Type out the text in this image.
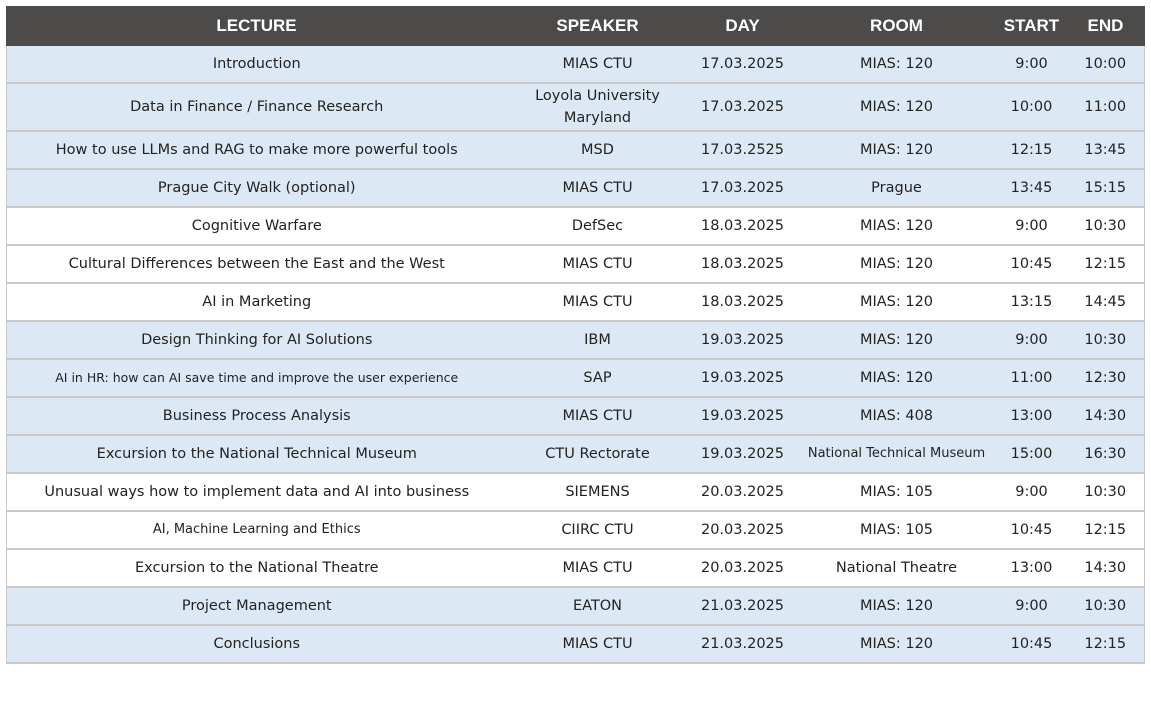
LECTURE	SPEAKER	DAY	ROOM	START	END
Introduction	MIAS CTU	17.03.2025	MIAS: 120	9:00	10:00
Data in Finance / Finance Research	Loyola University Maryland	17.03.2025	MIAS: 120	10:00	11:00
How to use LLMs and RAG to make more powerful tools	MSD	17.03.2525	MIAS: 120	12:15	13:45
Prague City Walk (optional)	MIAS CTU	17.03.2025	Prague	13:45	15:15
Cognitive Warfare	DefSec	18.03.2025	MIAS: 120	9:00	10:30
Cultural Differences between the East and the West	MIAS CTU	18.03.2025	MIAS: 120	10:45	12:15
AI in Marketing	MIAS CTU	18.03.2025	MIAS: 120	13:15	14:45
Design Thinking for AI Solutions	IBM	19.03.2025	MIAS: 120	9:00	10:30
AI in HR: how can AI save time and improve the user experience	SAP	19.03.2025	MIAS: 120	11:00	12:30
Business Process Analysis	MIAS CTU	19.03.2025	MIAS: 408	13:00	14:30
Excursion to the National Technical Museum	CTU Rectorate	19.03.2025	National Technical Museum	15:00	16:30
Unusual ways how to implement data and AI into business	SIEMENS	20.03.2025	MIAS: 105	9:00	10:30
AI, Machine Learning and Ethics	CIIRC CTU	20.03.2025	MIAS: 105	10:45	12:15
Excursion to the National Theatre	MIAS CTU	20.03.2025	National Theatre	13:00	14:30
Project Management	EATON	21.03.2025	MIAS: 120	9:00	10:30
Conclusions	MIAS CTU	21.03.2025	MIAS: 120	10:45	12:15
